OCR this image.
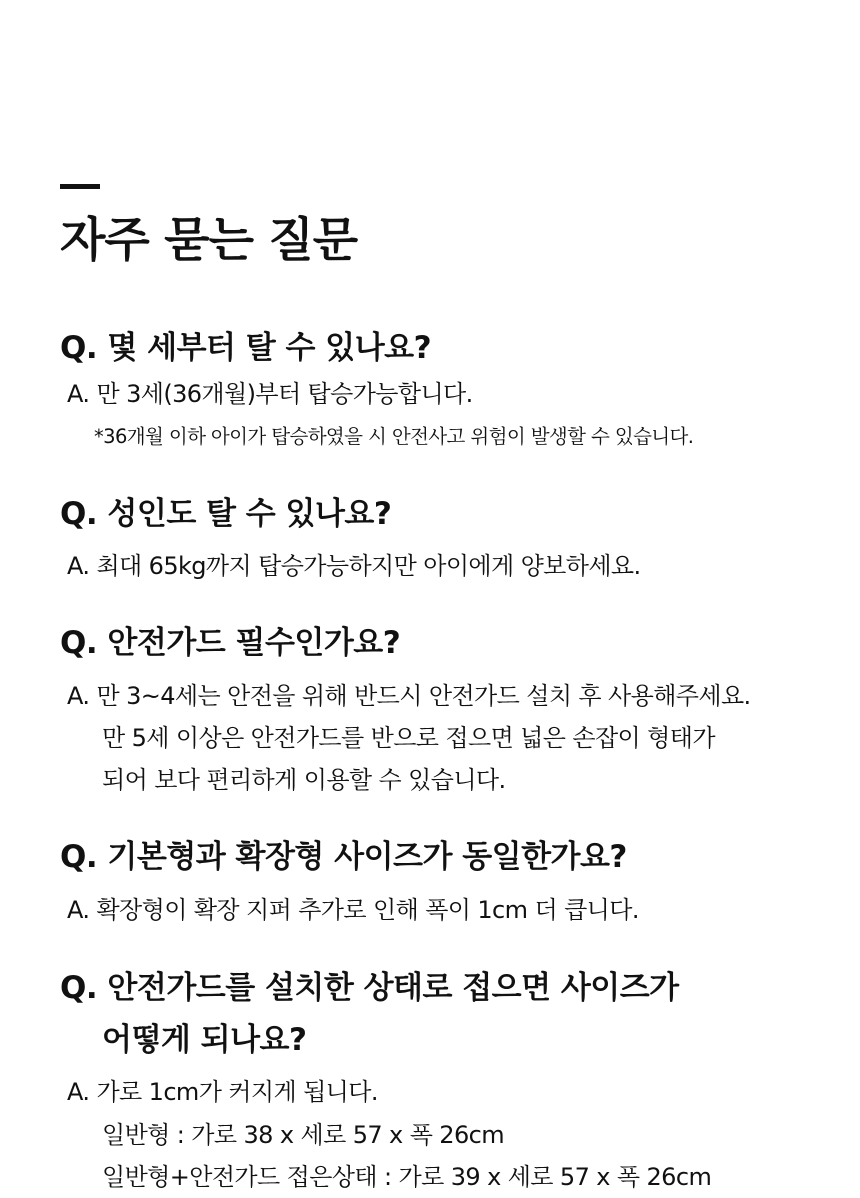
자주 묻는 질문

Q. 몇 세부터 탈 수 있나요?

A. 만 3세(36개월)부터 탑승가능합니다.

*36개월 이하 아이가 탑승하였을 시 안전사고 위험이 발생할 수 있습니다.

Q. 성인도 탈 수 있나요?

A. 최대 65kg까지 탑승가능하지만 아이에게 양보하세요.

Q. 안전가드 필수인가요?

A. 만 3~4세는 안전을 위해 반드시 안전가드 설치 후 사용해주세요.

만 5세 이상은 안전가드를 반으로 접으면 넓은 손잡이 형태가

되어 보다 편리하게 이용할 수 있습니다.

Q. 기본형과 확장형 사이즈가 동일한가요?

A. 확장형이 확장 지퍼 추가로 인해 폭이 1cm 더 큽니다.

Q. 안전가드를 설치한 상태로 접으면 사이즈가

어떻게 되나요?

A. 가로 1cm가 커지게 됩니다.

일반형 : 가로 38 x 세로 57 x 폭 26cm

일반형+안전가드 접은상태 : 가로 39 x 세로 57 x 폭 26cm
